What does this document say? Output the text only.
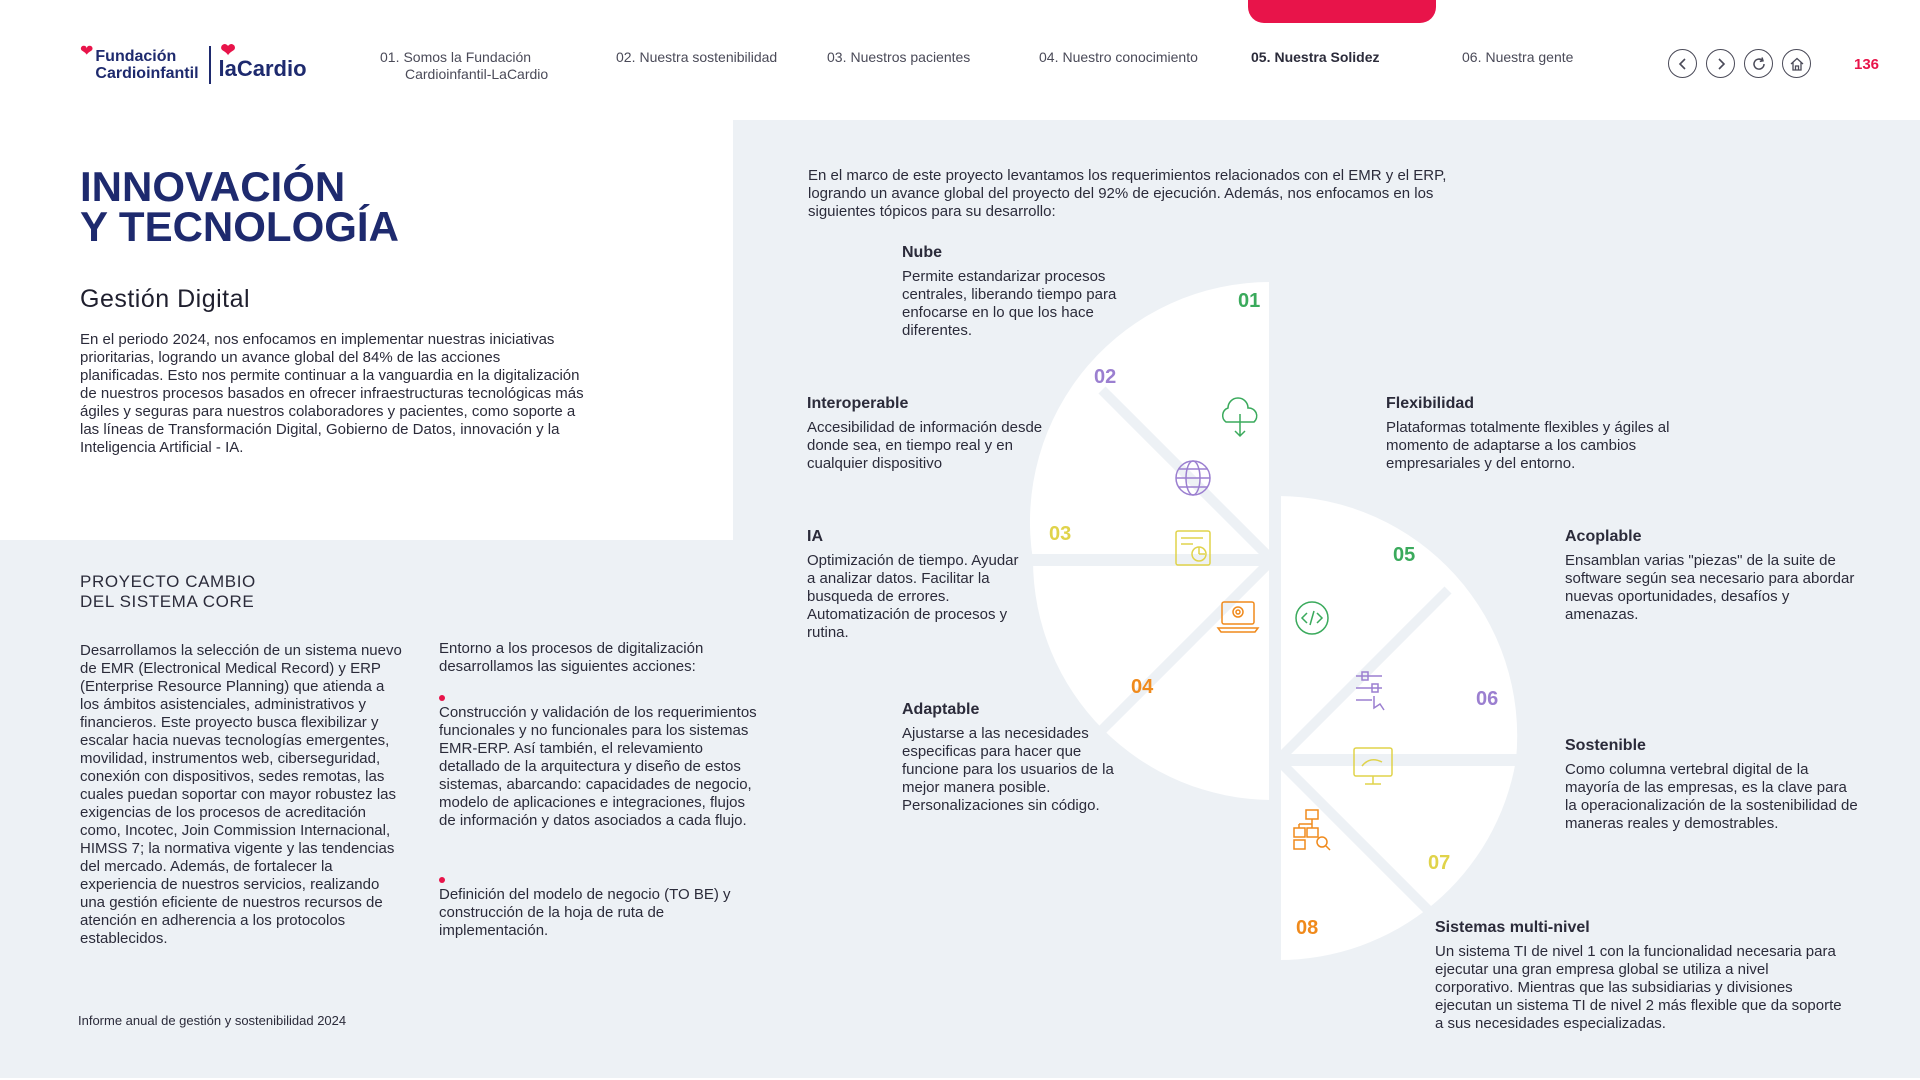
❤ Fundación
Cardioinfantil
❤
laCardio	01. Somos la Fundación
Cardioinfantil-LaCardio
02. Nuestra sostenibilidad	03. Nuestros pacientes	04. Nuestro conocimiento	05. Nuestra Solidez	06. Nuestra gente	136
INNOVACIÓN
Y TECNOLOGÍA
Gestión Digital
En el periodo 2024, nos enfocamos en implementar nuestras iniciativas prioritarias, logrando un avance global del 84% de las acciones planificadas. Esto nos permite continuar a la vanguardia en la digitalización de nuestros procesos basados en ofrecer infraestructuras tecnológicas más ágiles y seguras para nuestros colaboradores y pacientes, como soporte a las líneas de Transformación Digital, Gobierno de Datos, innovación y la Inteligencia Artificial - IA.
PROYECTO CAMBIO
DEL SISTEMA CORE
Desarrollamos la selección de un sistema nuevo de EMR (Electronical Medical Record) y ERP (Enterprise Resource Planning) que atienda a los ámbitos asistenciales, administrativos y financieros. Este proyecto busca flexibilizar y escalar hacia nuevas tecnologías emergentes, movilidad, instrumentos web, ciberseguridad, conexión con dispositivos, sedes remotas, las cuales puedan soportar con mayor robustez las exigencias de los procesos de acreditación como, Incotec, Join Commission Internacional, HIMSS 7; la normativa vigente y las tendencias del mercado. Además, de fortalecer la experiencia de nuestros servicios, realizando una gestión eficiente de nuestros recursos de atención en adherencia a los protocolos establecidos.
Entorno a los procesos de digitalización desarrollamos las siguientes acciones:
Construcción y validación de los requerimientos funcionales y no funcionales para los sistemas EMR-ERP. Así también, el relevamiento detallado de la arquitectura y diseño de estos sistemas, abarcando: capacidades de negocio, modelo de aplicaciones e integraciones, flujos de información y datos asociados a cada flujo.
Definición del modelo de negocio (TO BE) y construcción de la hoja de ruta de implementación.
Informe anual de gestión y sostenibilidad 2024
En el marco de este proyecto levantamos los requerimientos relacionados con el EMR y el ERP, logrando un avance global del proyecto del 92% de ejecución. Además, nos enfocamos en los siguientes tópicos para su desarrollo:
01
02
03
04
05
06
07
08
Nube

Permite estandarizar procesos centrales, liberando tiempo para enfocarse en lo que los hace diferentes.

Interoperable

Accesibilidad de información desde donde sea, en tiempo real y en cualquier dispositivo

IA

Optimización de tiempo. Ayudar a analizar datos. Facilitar la busqueda de errores. Automatización de procesos y rutina.

Adaptable

Ajustarse a las necesidades especificas para hacer que funcione para los usuarios de la mejor manera posible. Personalizaciones sin código.

Flexibilidad

Plataformas totalmente flexibles y ágiles al momento de adaptarse a los cambios empresariales y del entorno.

Acoplable

Ensamblan varias "piezas" de la suite de software según sea necesario para abordar nuevas oportunidades, desafíos y amenazas.

Sostenible

Como columna vertebral digital de la mayoría de las empresas, es la clave para la operacionalización de la sostenibilidad de maneras reales y demostrables.

Sistemas multi-nivel

Un sistema TI de nivel 1 con la funcionalidad necesaria para ejecutar una gran empresa global se utiliza a nivel corporativo. Mientras que las subsidiarias y divisiones ejecutan un sistema TI de nivel 2 más flexible que da soporte a sus necesidades especializadas.
